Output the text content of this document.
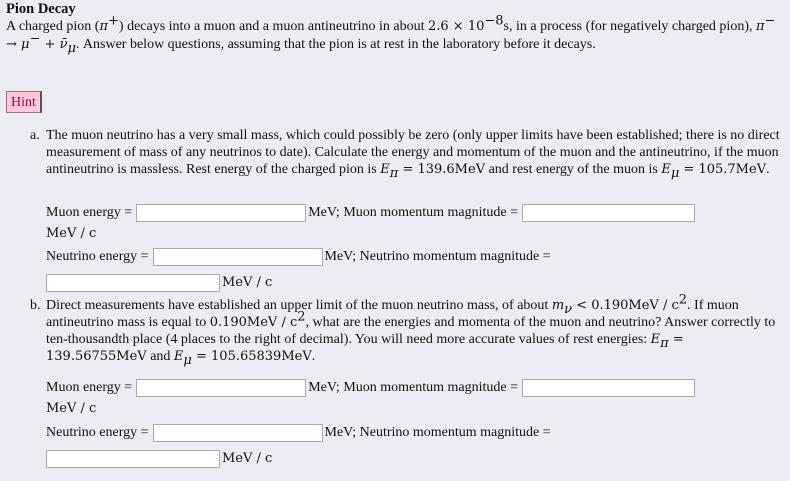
Pion Decay
A charged pion (π+) decays into a muon and a muon antineutrino in about $2.6 \times 10^{-8}s$, in a process (for negatively charged pion), $\pi^- \to \mu^- + \nū_\mu$. Answer below questions, assuming that the pion is at rest in the laboratory before it decays.
Hint
a. The muon neutrino has a very small mass, which could possibly be zero (only upper limits have been established; there is no direct measurement of mass of any neutrinos to date). Calculate the energy and momentum of the muon and the antineutrino, if the muon antineutrino is massless. Rest energy of the charged pion is $E_\pi = 139.6MeV$ and rest energy of the muon is $E_\mu = 105.7MeV$.
Muon energy =	MeV; Muon momentum magnitude =
MeV / c
Neutrino energy =	MeV; Neutrino momentum magnitude =
MeV / c
b. Direct measurements have established an upper limit of the muon neutrino mass, of about $m_\nu < 0.190MeV / c^2$. If muon antineutrino mass is equal to $0.190MeV / c^2$, what are the energies and momenta of the muon and neutrino? Answer correctly to ten-thousandth place (4 places to the right of decimal). You will need more accurate values of rest energies: $E_\pi = 139.56755MeV$ and $E_\mu = 105.65839MeV$.
Muon energy =	MeV; Muon momentum magnitude =
MeV / c
Neutrino energy =	MeV; Neutrino momentum magnitude =
MeV / c
